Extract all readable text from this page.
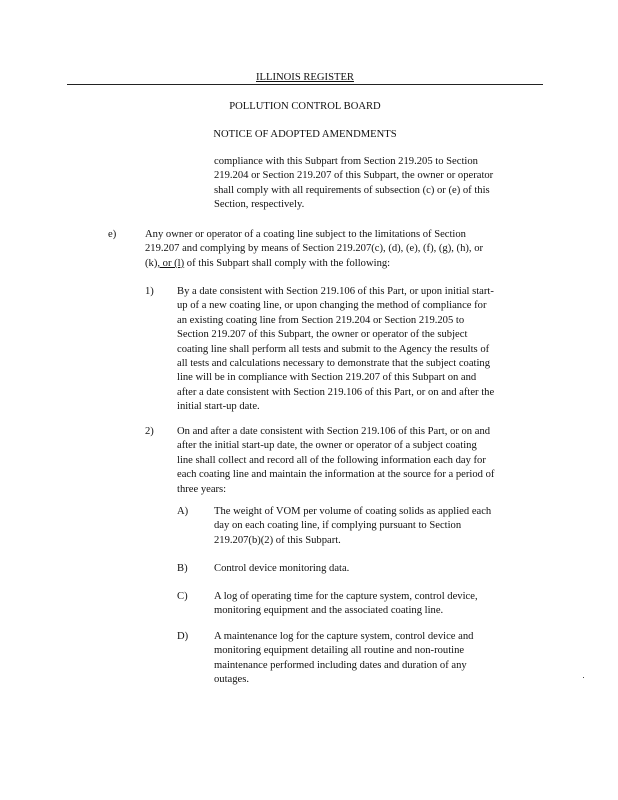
ILLINOIS REGISTER
POLLUTION CONTROL BOARD
NOTICE OF ADOPTED AMENDMENTS
compliance with this Subpart from Section 219.205 to Section
219.204 or Section 219.207 of this Subpart, the owner or operator
shall comply with all requirements of subsection (c) or (e) of this
Section, respectively.
e)	Any owner or operator of a coating line subject to the limitations of Section
219.207 and complying by means of Section 219.207(c), (d), (e), (f), (g), (h), or
(k), or (l) of this Subpart shall comply with the following:
1) By a date consistent with Section 219.106 of this Part, or upon initial start-
up of a new coating line, or upon changing the method of compliance for
an existing coating line from Section 219.204 or Section 219.205 to
Section 219.207 of this Subpart, the owner or operator of the subject
coating line shall perform all tests and submit to the Agency the results of
all tests and calculations necessary to demonstrate that the subject coating
line will be in compliance with Section 219.207 of this Subpart on and
after a date consistent with Section 219.106 of this Part, or on and after the
initial start-up date.
2) On and after a date consistent with Section 219.106 of this Part, or on and
after the initial start-up date, the owner or operator of a subject coating
line shall collect and record all of the following information each day for
each coating line and maintain the information at the source for a period of
three years:
A) The weight of VOM per volume of coating solids as applied each
day on each coating line, if complying pursuant to Section
219.207(b)(2) of this Subpart.
B) Control device monitoring data.
C) A log of operating time for the capture system, control device,
monitoring equipment and the associated coating line.
D) A maintenance log for the capture system, control device and
monitoring equipment detailing all routine and non-routine
maintenance performed including dates and duration of any
outages.
